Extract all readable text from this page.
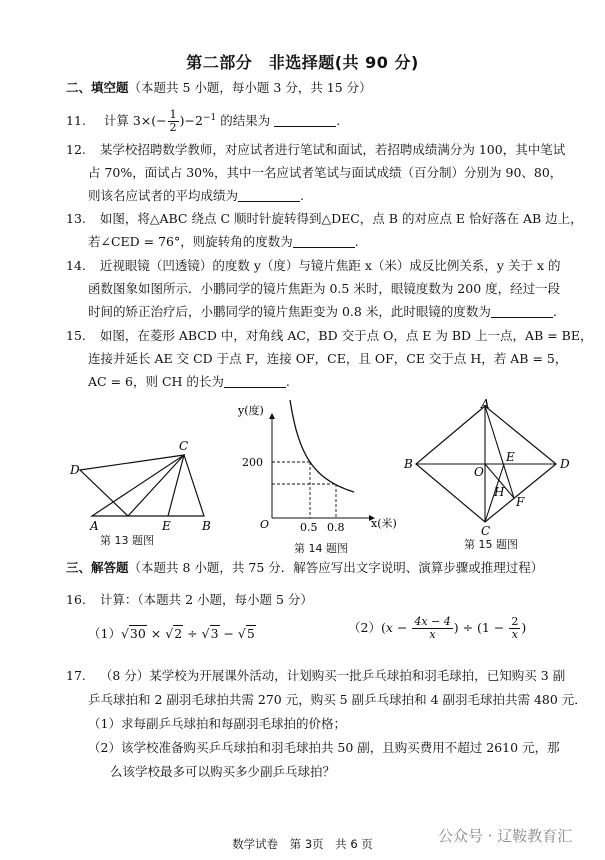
第二部分　非选择题(共 90 分)
二、填空题（本题共 5 小题，每小题 3 分，共 15 分）
11. 计算 $3\times(- \frac{1}{2} )-2^{-1}$ 的结果为	.
12. 某学校招聘数学教师，对应试者进行笔试和面试，若招聘成绩满分为 100，其中笔试
占 70%，面试占 30%，其中一名应试者笔试与面试成绩（百分制）分别为 90、80，
则该名应试者的平均成绩为	.
13. 如图，将△ABC 绕点 C 顺时针旋转得到△DEC，点 B 的对应点 E 恰好落在 AB 边上，
若∠CED = 76°，则旋转角的度数为	.
14. 近视眼镜（凹透镜）的度数 y（度）与镜片焦距 x（米）成反比例关系，y 关于 x 的
函数图象如图所示．小鹏同学的镜片焦距为 0.5 米时，眼镜度数为 200 度，经过一段
时间的矫正治疗后，小鹏同学的镜片焦距变为 0.8 米，此时眼镜的度数为	.
15. 如图，在菱形 ABCD 中，对角线 AC，BD 交于点 O，点 E 为 BD 上一点，AB = BE，
连接并延长 AE 交 CD 于点 F，连接 OF，CE，且 OF，CE 交于点 H，若 AB = 5，
AC = 6，则 CH 的长为	.
D
C
A	E	B
第 13 题图
y(度)
x(米)
O
200
0.5 0.8
第 14 题图
A
B
O
E	D
H
F
C
第 15 题图
三、解答题（本题共 8 小题，共 75 分．解答应写出文字说明、演算步骤或推理过程）
16. 计算：（本题共 2 小题，每小题 5 分）
（1）√30 × √2 ÷ √3 − √5	$(2)(x - \frac{4x - 4}{x}$ ) ÷ ($1 - \frac{2}{x}$ )
17. （8 分）某学校为开展课外活动，计划购买一批乒乓球拍和羽毛球拍，已知购买 3 副
乒乓球拍和 2 副羽毛球拍共需 270 元，购买 5 副乒乓球拍和 4 副羽毛球拍共需 480 元．
（1）求每副乒乓球拍和每副羽毛球拍的价格；
（2）该学校准备购买乒乓球拍和羽毛球拍共 50 副，且购买费用不超过 2610 元，那
么该学校最多可以购买多少副乒乓球拍？
数学试卷　第 3页　共 6 页	公众号 · 辽鞍教育汇
